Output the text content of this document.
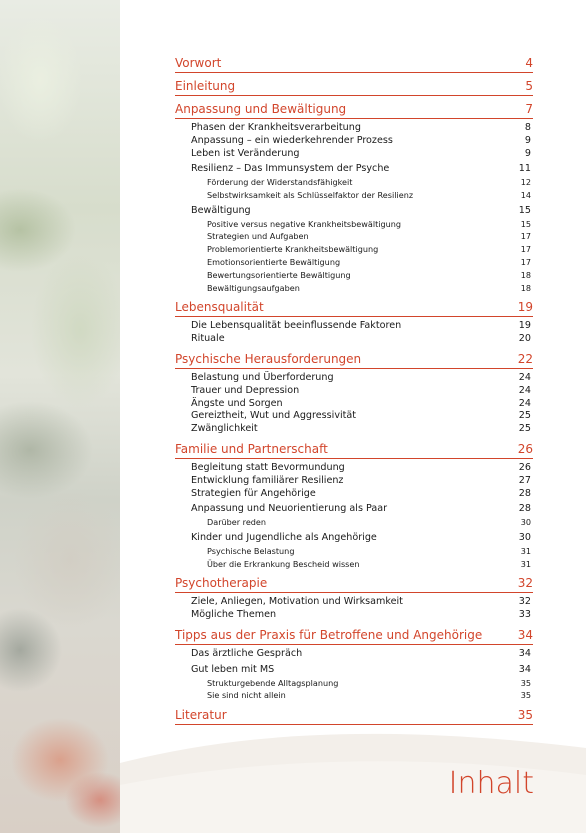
Vorwort	4
Einleitung	5
Anpassung und Bewältigung	7
Phasen der Krankheitsverarbeitung	8
Anpassung – ein wiederkehrender Prozess	9
Leben ist Veränderung	9
Resilienz – Das Immunsystem der Psyche	11
Förderung der Widerstandsfähigkeit	12
Selbstwirksamkeit als Schlüsselfaktor der Resilienz	14
Bewältigung	15
Positive versus negative Krankheitsbewältigung	15
Strategien und Aufgaben	17
Problemorientierte Krankheitsbewältigung	17
Emotionsorientierte Bewältigung	17
Bewertungsorientierte Bewältigung	18
Bewältigungsaufgaben	18
Lebensqualität	19
Die Lebensqualität beeinflussende Faktoren	19
Rituale	20
Psychische Herausforderungen	22
Belastung und Überforderung	24
Trauer und Depression	24
Ängste und Sorgen	24
Gereiztheit, Wut und Aggressivität	25
Zwänglichkeit	25
Familie und Partnerschaft	26
Begleitung statt Bevormundung	26
Entwicklung familiärer Resilienz	27
Strategien für Angehörige	28
Anpassung und Neuorientierung als Paar	28
Darüber reden	30
Kinder und Jugendliche als Angehörige	30
Psychische Belastung	31
Über die Erkrankung Bescheid wissen	31
Psychotherapie	32
Ziele, Anliegen, Motivation und Wirksamkeit	32
Mögliche Themen	33
Tipps aus der Praxis für Betroffene und Angehörige	34
Das ärztliche Gespräch	34
Gut leben mit MS	34
Strukturgebende Alltagsplanung	35
Sie sind nicht allein	35
Literatur	35
Inhalt
